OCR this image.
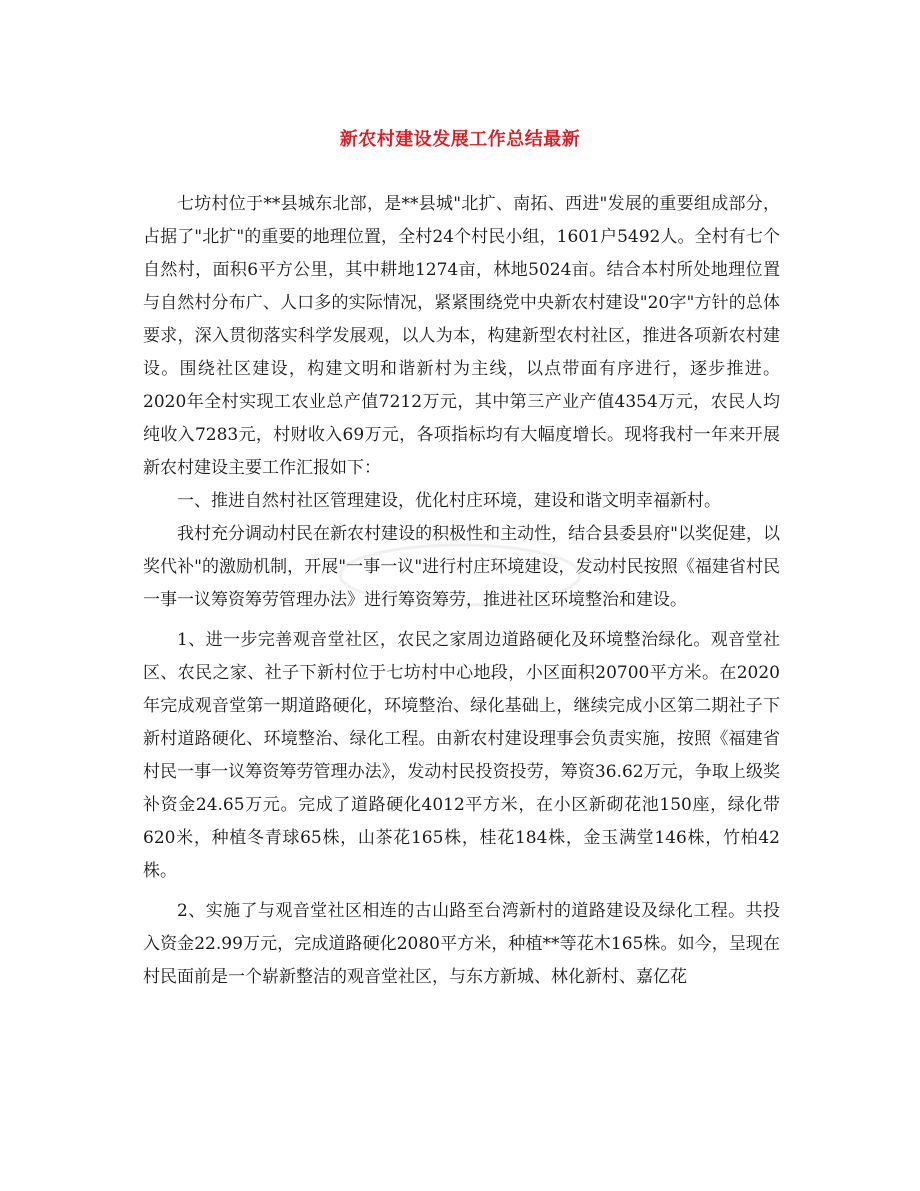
新农村建设发展工作总结最新

七坊村位于**县城东北部，是**县城"北扩、南拓、西进"发展的重要组成部分，占据了"北扩"的重要的地理位置，全村24个村民小组，1601户5492人。全村有七个自然村，面积6平方公里，其中耕地1274亩，林地5024亩。结合本村所处地理位置与自然村分布广、人口多的实际情况，紧紧围绕党中央新农村建设"20字"方针的总体要求，深入贯彻落实科学发展观，以人为本，构建新型农村社区，推进各项新农村建设。围绕社区建设，构建文明和谐新村为主线，以点带面有序进行，逐步推进。2020年全村实现工农业总产值7212万元，其中第三产业产值4354万元，农民人均纯收入7283元，村财收入69万元，各项指标均有大幅度增长。现将我村一年来开展新农村建设主要工作汇报如下：

一、推进自然村社区管理建设，优化村庄环境，建设和谐文明幸福新村。

我村充分调动村民在新农村建设的积极性和主动性，结合县委县府"以奖促建，以奖代补"的激励机制，开展"一事一议"进行村庄环境建设，发动村民按照《福建省村民一事一议筹资筹劳管理办法》进行筹资筹劳，推进社区环境整治和建设。

1、进一步完善观音堂社区，农民之家周边道路硬化及环境整治绿化。观音堂社区、农民之家、社子下新村位于七坊村中心地段，小区面积20700平方米。在2020年完成观音堂第一期道路硬化，环境整治、绿化基础上，继续完成小区第二期社子下新村道路硬化、环境整治、绿化工程。由新农村建设理事会负责实施，按照《福建省村民一事一议筹资筹劳管理办法》，发动村民投资投劳，筹资36.62万元，争取上级奖补资金24.65万元。完成了道路硬化4012平方米，在小区新砌花池150座，绿化带620米，种植冬青球65株，山茶花165株，桂花184株，金玉满堂146株，竹柏42株。

2、实施了与观音堂社区相连的古山路至台湾新村的道路建设及绿化工程。共投入资金22.99万元，完成道路硬化2080平方米，种植**等花木165株。如今，呈现在村民面前是一个崭新整洁的观音堂社区，与东方新城、林化新村、嘉亿花
